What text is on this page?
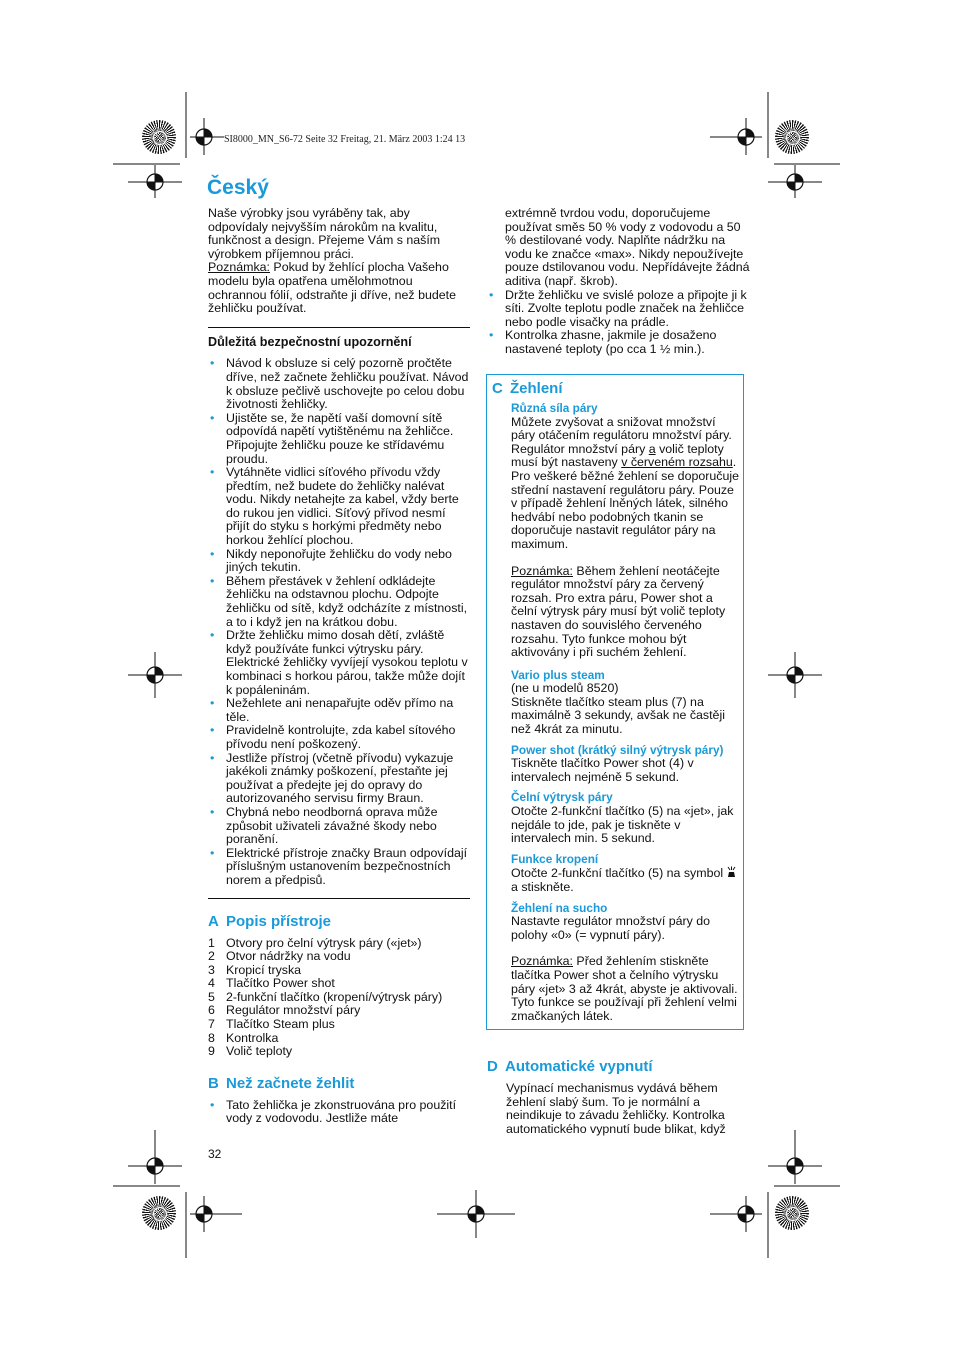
SI8000_MN_S6-72 Seite 32 Freitag, 21. März 2003 1:24 13
Český

Naše výrobky jsou vyráběny tak, aby odpovídaly nejvyšším nárokům na kvalitu, funkčnost a design. Přejeme Vám s naším výrobkem příjemnou práci.

Poznámka: Pokud by žehlící plocha Vašeho modelu byla opatřena umělohmotnou ochrannou fólií, odstraňte ji dříve, než budete žehličku používat.

Důležitá bezpečnostní upozornění

• Návod k obsluze si celý pozorně pročtěte dříve, než začnete žehličku používat. Návod k obsluze pečlivě uschovejte po celou dobu životnosti žehličky.
• Ujistěte se, že napětí vaší domovní sítě odpovídá napětí vytištěnému na žehličce. Připojujte žehličku pouze ke střídavému proudu.
• Vytáhněte vidlici síťového přívodu vždy předtím, než budete do žehličky nalévat vodu. Nikdy netahejte za kabel, vždy berte do rukou jen vidlici. Síťový přívod nesmí přijít do styku s horkými předměty nebo horkou žehlící plochou.
• Nikdy neponořujte žehličku do vody nebo jiných tekutin.
• Během přestávek v žehlení odkládejte žehličku na odstavnou plochu. Odpojte žehličku od sítě, když odcházíte z místnosti, a to i když jen na krátkou dobu.
• Držte žehličku mimo dosah dětí, zvláště když používáte funkci výtrysku páry. Elektrické žehličky vyvíjejí vysokou teplotu v kombinaci s horkou párou, takže může dojít k popáleninám.
• Nežehlete ani nenapařujte oděv přímo na těle.
• Pravidelně kontrolujte, zda kabel sítového přívodu není poškozený.
• Jestliže přístroj (včetně přívodu) vykazuje jakékoli známky poškození, přestaňte jej používat a předejte jej do opravy do autorizovaného servisu firmy Braun.
• Chybná nebo neodborná oprava může způsobit uživateli závažné škody nebo poranění.
• Elektrické přístroje značky Braun odpovídají příslušným ustanovením bezpečnostních norem a předpisů.
A Popis přístroje
1 Otvory pro čelní výtrysk páry («jet»)
2 Otvor nádržky na vodu
3 Kropicí tryska
4 Tlačítko Power shot
5 2-funkční tlačítko (kropení/výtrysk páry)
6 Regulátor množství páry
7 Tlačítko Steam plus
8 Kontrolka
9 Volič teploty
B Než začnete žehlit
• Tato žehlička je zkonstruována pro použití vody z vodovodu. Jestliže máte
32

extrémně tvrdou vodu, doporučujeme používat směs 50 % vody z vodovodu a 50 % destilované vody. Naplňte nádržku na vodu ke značce «max». Nikdy nepoužívejte pouze dstilovanou vodu. Nepřídávejte žádná aditiva (např. škrob).

• Držte žehličku ve svislé poloze a připojte ji k síti. Zvolte teplotu podle značek na žehličce nebo podle visačky na prádle.
• Kontrolka zhasne, jakmile je dosaženo nastavené teploty (po cca 1 ½ min.).
C Žehlení

Různá síla páry

Můžete zvyšovat a snižovat množství páry otáčením regulátoru množství páry. Regulátor množství páry a volič teploty musí být nastaveny v červeném rozsahu.

Pro veškeré běžné žehlení se doporučuje střední nastavení regulátoru páry. Pouze v případě žehlení lněných látek, silného hedvábí nebo podobných tkanin se doporučuje nastavit regulátor páry na maximum.

Poznámka: Během žehlení neotáčejte regulátor množství páry za červený rozsah. Pro extra páru, Power shot a čelní výtrysk páry musí být volič teploty nastaven do souvislého červeného rozsahu. Tyto funkce mohou být aktivovány i při suchém žehlení.

Vario plus steam

(ne u modelů 8520)

Stiskněte tlačítko steam plus (7) na maximálně 3 sekundy, avšak ne častěji než 4krát za minutu.

Power shot (krátký silný výtrysk páry)

Tiskněte tlačítko Power shot (4) v intervalech nejméně 5 sekund.

Čelní výtrysk páry

Otočte 2-funkční tlačítko (5) na «jet», jak nejdále to jde, pak je tiskněte v intervalech min. 5 sekund.

Funkce kropení

Otočte 2-funkční tlačítko (5) na symbol  a stiskněte.

Žehlení na sucho

Nastavte regulátor množství páry do polohy «0» (= vypnutí páry).

Poznámka: Před žehlením stiskněte tlačítka Power shot a čelního výtrysku páry «jet» 3 až 4krát, abyste je aktivovali. Tyto funkce se používají při žehlení velmi zmačkaných látek.

D Automatické vypnutí

Vypínací mechanismus vydává během žehlení slabý šum. To je normální a neindikuje to závadu žehličky. Kontrolka automatického vypnutí bude blikat, když
